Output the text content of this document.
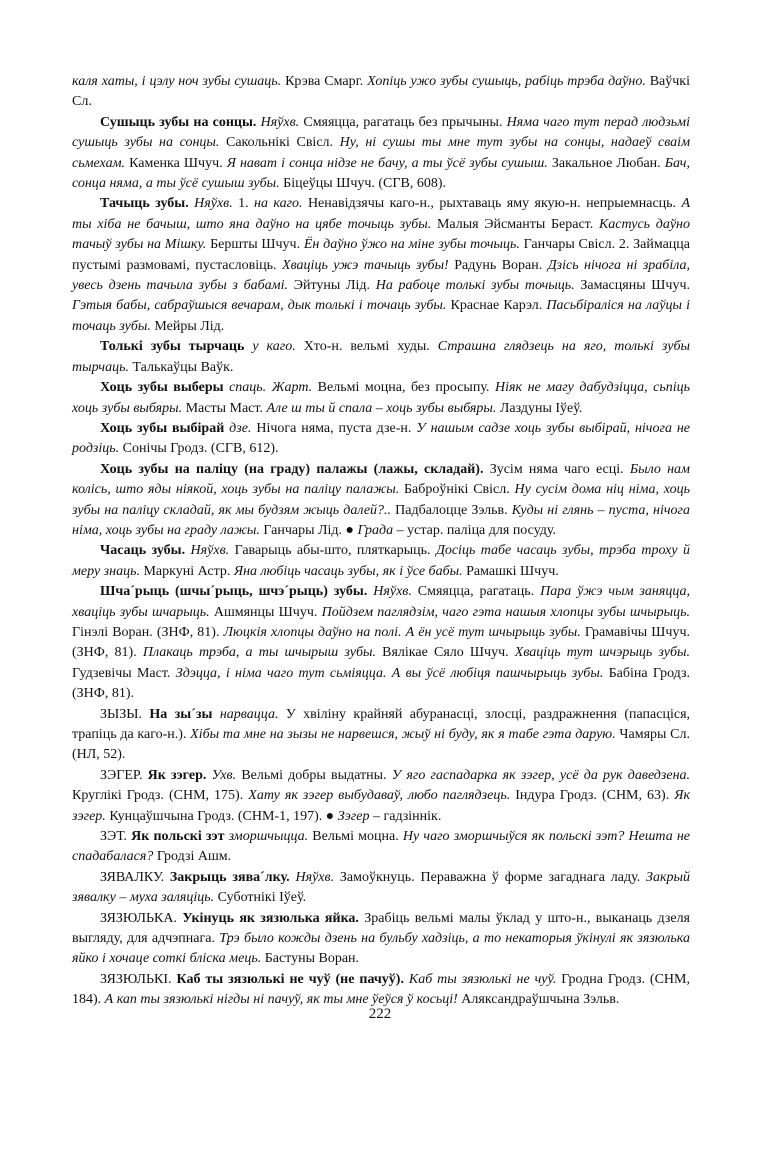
каля хаты, і цэлу ноч зубы сушаць. Крэва Смарг. Хопіць ужо зубы сушыць, рабіць трэба даўно. Ваўчкі Сл.

Сушыць зубы на сонцы. Няўхв. Смяяцца, рагатаць без прычыны. Няма чаго тут перад людзьмі сушыць зубы на сонцы. Сакольнікі Свісл. Ну, ні сушы ты мне тут зубы на сонцы, надаеў сваім сьмехам. Каменка Шчуч. Я нават і сонца нідзе не бачу, а ты ўсё зубы сушыш. Закальное Любан. Бач, сонца няма, а ты ўсё сушыш зубы. Біцеўцы Шчуч. (СГВ, 608).

Тачыць зубы. Няўхв. 1. на каго. Ненавідзячы каго-н., рыхтаваць яму якую-н. непрыемнасць. А ты хіба не бачыш, што яна даўно на цябе точыць зубы. Малыя Эйсманты Бераст. Кастусь даўно тачыў зубы на Мішку. Бершты Шчуч. Ён даўно ўжо на міне зубы точыць. Ганчары Свісл. 2. Займацца пустымі размовамі, пустасловіць. Хваціць ужэ тачыць зубы! Радунь Воран. Дзісь нічога ні зрабіла, увесь дзень тачыла зубы з бабамі. Эйтуны Лід. На рабоце толькі зубы точыць. Замасцяны Шчуч. Гэтыя бабы, сабраўшыся вечарам, дык толькі і точаць зубы. Краснае Карэл. Пасьбіраліся на лаўцы і точаць зубы. Мейры Лід.

Толькі зубы тырчаць у каго. Хто-н. вельмі худы. Страшна глядзець на яго, толькі зубы тырчаць. Талькаўцы Ваўк.

Хоць зубы выберы спаць. Жарт. Вельмі моцна, без просыпу. Ніяк не магу дабудзіцца, сьпіць хоць зубы выбяры. Масты Маст. Але ш ты й спала – хоць зубы выбяры. Лаздуны Іўеў.

Хоць зубы выбірай дзе. Нічога няма, пуста дзе-н. У нашым садзе хоць зубы выбірай, нічога не родзіць. Сонічы Гродз. (СГВ, 612).

Хоць зубы на паліцу (на граду) палажы (лажы, складай). Зусім няма чаго есці. Было нам колісь, што яды ніякой, хоць зубы на паліцу палажы. Баброўнікі Свісл. Ну сусім дома ніц німа, хоць зубы на паліцу складай, як мы будзям жыць далей?.. Падбалоцце Зэльв. Куды ні глянь – пуста, нічога німа, хоць зубы на граду лажы. Ганчары Лід. ● Града – устар. паліца для посуду.

Часаць зубы. Няўхв. Гаварыць абы-што, пляткарыць. Досіць табе часаць зубы, трэба троху й меру знаць. Маркуні Астр. Яна любіць часаць зубы, як і ўсе бабы. Рамашкі Шчуч.

Шча´рыць (шчы´рыць, шчэ´рыць) зубы. Няўхв. Смяяцца, рагатаць. Пара ўжэ чым заняцца, хваціць зубы шчарыць. Ашмянцы Шчуч. Пойдзем паглядзім, чаго гэта нашыя хлопцы зубы шчырыць. Гінэлі Воран. (ЗНФ, 81). Люцкія хлопцы даўно на полі. А ён усё тут шчырыць зубы. Грамавічы Шчуч. (ЗНФ, 81). Плакаць трэба, а ты шчырыш зубы. Вялікае Сяло Шчуч. Хваціць тут шчэрыць зубы. Гудзевічы Маст. Здэцца, і німа чаго тут сьміяцца. А вы ўсё любіця пашчырыць зубы. Бабіна Гродз. (ЗНФ, 81).

ЗЫЗЫ. На зы´зы нарвацца. У хвіліну крайняй абуранасці, злосці, раздражнення (папасціся, трапіць да каго-н.). Хібы та мне на зызы не нарвешся, жыў ні буду, як я табе гэта дарую. Чамяры Сл. (НЛ, 52).

ЗЭГЕР. Як зэгер. Ухв. Вельмі добры выдатны. У яго гаспадарка як зэгер, усё да рук даведзена. Круглікі Гродз. (СНМ, 175). Хату як зэгер выбудаваў, любо паглядзець. Індура Гродз. (СНМ, 63). Як зэгер. Кунцаўшчына Гродз. (СНМ-1, 197). ● Зэгер – гадзіннік.

ЗЭТ. Як польскі зэт зморшчыцца. Вельмі моцна. Ну чаго зморшчыўся як польскі зэт? Нешта не спадабалася? Гродзі Ашм.

ЗЯВАЛКУ. Закрыць зява´лку. Няўхв. Замоўкнуць. Пераважна ў форме загаднага ладу. Закрый зявалку – муха заляціць. Суботнікі Іўеў.

ЗЯЗЮЛЬКА. Укінуць як зязюлька яйка. Зрабіць вельмі малы ўклад у што-н., выканаць дзеля выгляду, для адчэпнага. Трэ было кожды дзень на бульбу хадзіць, а то некаторыя ўкінулі як зязюлька яйко і хочаце соткі бліска мець. Бастуны Воран.

ЗЯЗЮЛЬКІ. Каб ты зязюлькі не чуў (не пачуў). Каб ты зязюлькі не чуў. Гродна Гродз. (СНМ, 184). А кап ты зязюлькі нігды ні пачуў, як ты мне ўеўся ў косьці! Аляксандраўшчына Зэльв.

222
